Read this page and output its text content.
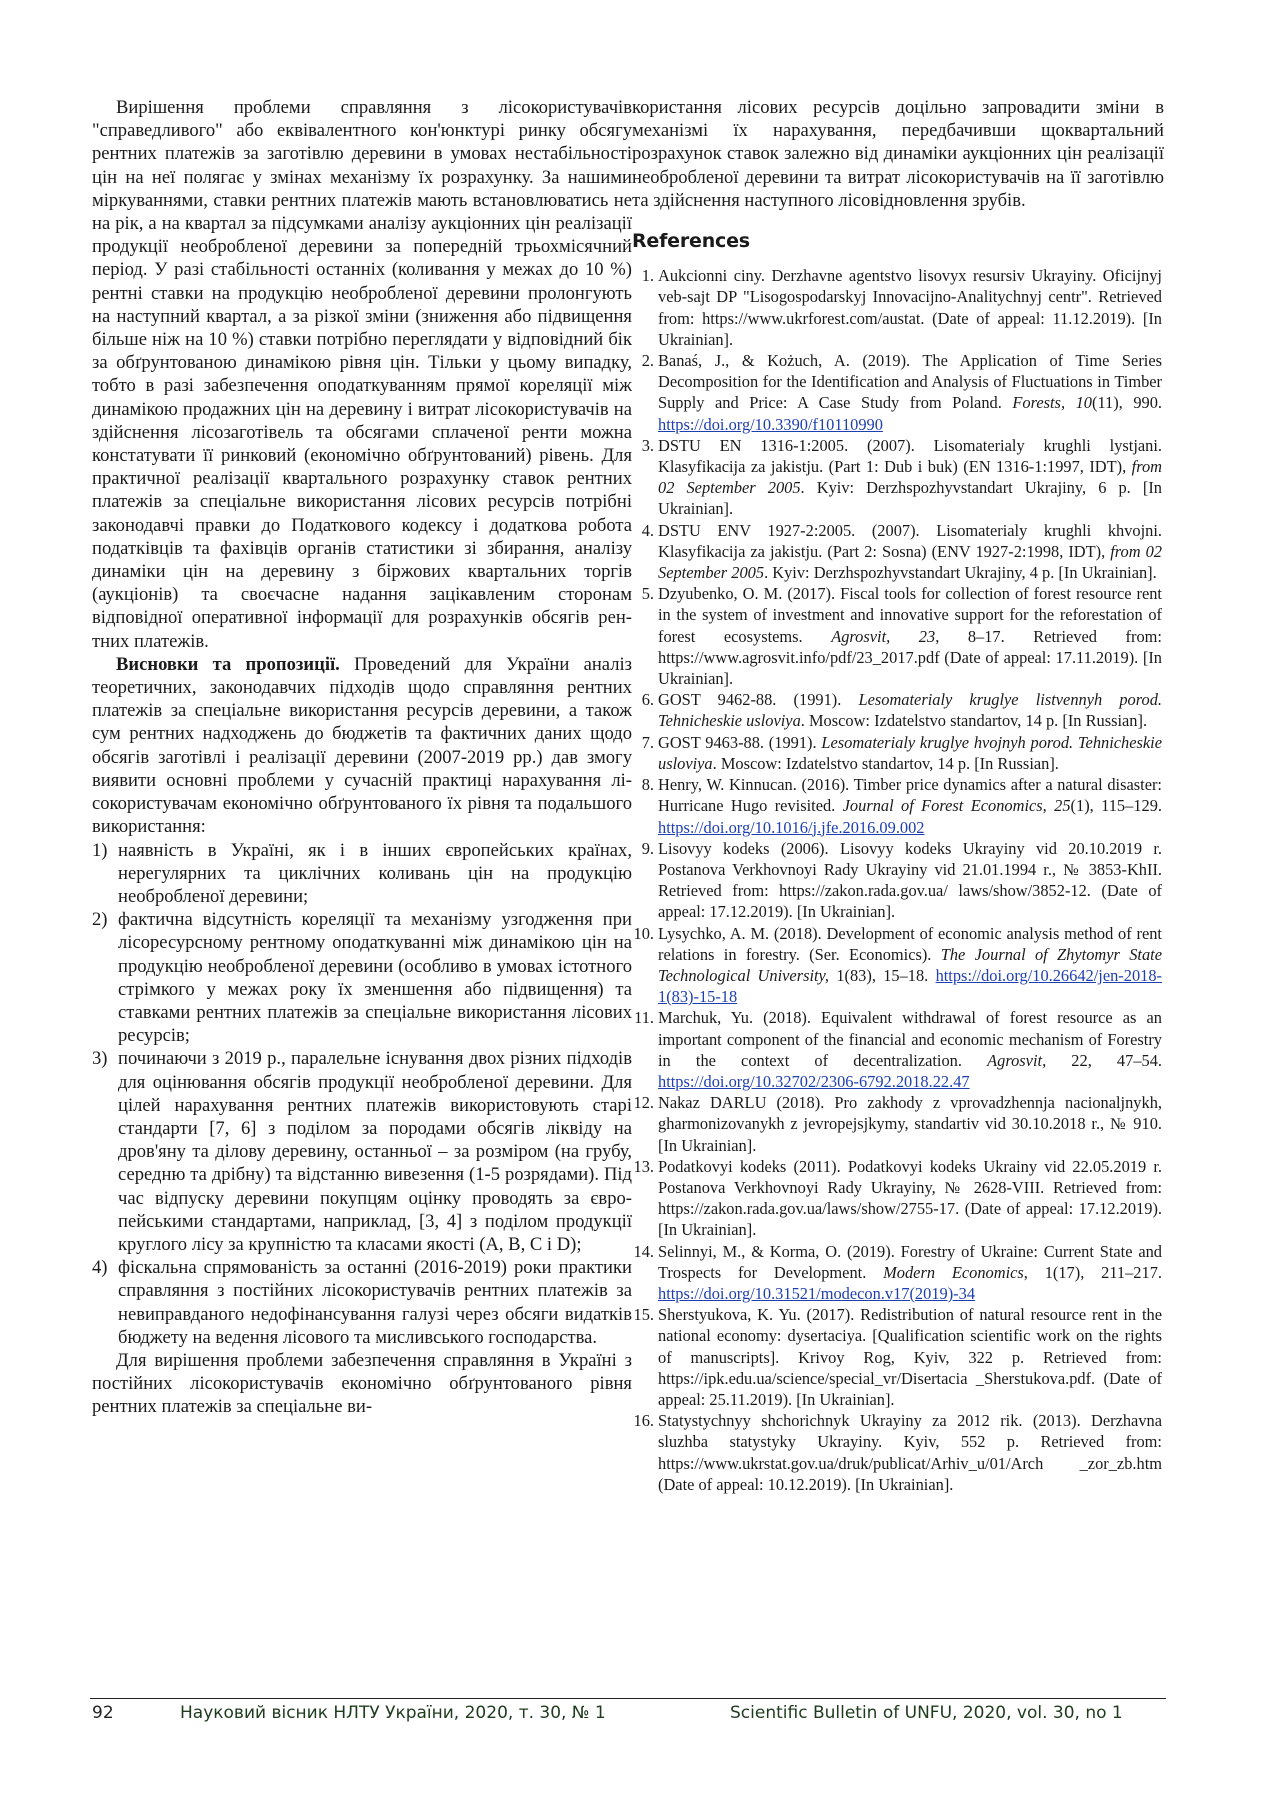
Вирішення проблеми справляння з лісокористувачів "справедливого" або еквівалентного кон'юнктурі ринку обсягу рентних платежів за заготівлю деревини в умовах нестабільності цін на неї полягає у змінах механізму їх розрахунку. За нашими міркуваннями, ставки рентних платежів мають встановлюватись не на рік, а на квартал за підсумками аналізу аукціонних цін реалізації продукції необробленої деревини за попередній трьохмісячний період. У разі стабільності останніх (коливання у межах до 10 %) рентні ставки на продукцію необробленої деревини пролонгують на наступний квартал, а за різкої зміни (зниження або підвищення більше ніж на 10 %) ставки потрібно переглядати у відповідний бік за обґрунтованою динамікою рівня цін. Тільки у цьому випадку, тобто в разі забезпечення оподаткуванням прямої кореляції між динамікою продажних цін на деревину і витрат лісокористувачів на здійснення лісозаготівель та обсягами сплаченої ренти можна констатувати її ринковий (економічно обґрунтований) рівень. Для практичної реалізації квартального розрахунку ставок рентних платежів за спеціальне використання лісових ресурсів потрібні законодавчі правки до Податкового кодексу і додаткова робота податківців та фахівців органів статистики зі збирання, аналізу динаміки цін на деревину з біржових квартальних торгів (аукціонів) та своєчасне надання зацікавленим сторонам відповідної оперативної інформації для розрахунків обсягів рентних платежів.

Висновки та пропозиції. Проведений для України аналіз теоретичних, законодавчих підходів щодо справляння рентних платежів за спеціальне використання ресурсів деревини, а також сум рентних надходжень до бюджетів та фактичних даних щодо обсягів заготівлі і реалізації деревини (2007-2019 рр.) дав змогу виявити основні проблеми у сучасній практиці нарахування лісокористувачам економічно обґрунтованого їх рівня та подальшого використання:

1) наявність в Україні, як і в інших європейських країнах, нерегулярних та циклічних коливань цін на продукцію необробленої деревини;
2) фактична відсутність кореляції та механізму узгодження при лісоресурсному рентному оподаткуванні між динамікою цін на продукцію необробленої деревини (особливо в умовах істотного стрімкого у межах року їх зменшення або підвищення) та ставками рентних платежів за спеціальне використання лісових ресурсів;
3) починаючи з 2019 р., паралельне існування двох різних підходів для оцінювання обсягів продукції необробленої деревини. Для цілей нарахування рентних платежів використовують старі стандарти [7, 6] з поділом за породами обсягів ліквіду на дров'яну та ділову деревину, останньої – за розміром (на грубу, середню та дрібну) та відстанню вивезення (1-5 розрядами). Під час відпуску деревини покупцям оцінку проводять за європейськими стандартами, наприклад, [3, 4] з поділом продукції круглого лісу за крупністю та класами якості (A, B, C і D);
4) фіскальна спрямованість за останні (2016-2019) роки практики справляння з постійних лісокористувачів рентних платежів за невиправданого недофінансування галузі через обсяги видатків бюджету на ведення лісового та мисливського господарства.

Для вирішення проблеми забезпечення справляння в Україні з постійних лісокористувачів економічно обґрунтованого рівня рентних платежів за спеціальне ви-

користання лісових ресурсів доцільно запровадити зміни в механізмі їх нарахування, передбачивши щоквартальний розрахунок ставок залежно від динаміки аукціонних цін реалізації необробленої деревини та витрат лісокористувачів на її заготівлю та здійснення наступного лісовідновлення зрубів.

References
1. Aukcionni ciny. Derzhavne agentstvo lisovyx resursiv Ukrayiny. Oficijnyj veb-sajt DP "Lisogospodarskyj Innovacijno-Analitychnyj centr". Retrieved from: https://www.ukrforest.com/austat. (Date of appeal: 11.12.2019). [In Ukrainian].
2. Banaś, J., & Kożuch, A. (2019). The Application of Time Series Decomposition for the Identification and Analysis of Fluctuations in Timber Supply and Price: A Case Study from Poland. Forests, 10(11), 990. https://doi.org/10.3390/f10110990
3. DSTU EN 1316-1:2005. (2007). Lisomaterialy krughli lystjani. Klasyfikacija za jakistju. (Part 1: Dub i buk) (EN 1316-1:1997, IDT), from 02 September 2005. Kyiv: Derzhspozhyvstandart Ukrajiny, 6 p. [In Ukrainian].
4. DSTU ENV 1927-2:2005. (2007). Lisomaterialy krughli khvojni. Klasyfikacija za jakistju. (Part 2: Sosna) (ENV 1927-2:1998, IDT), from 02 September 2005. Kyiv: Derzhspozhyvstandart Ukrajiny, 4 p. [In Ukrainian].
5. Dzyubenko, O. M. (2017). Fiscal tools for collection of forest resource rent in the system of investment and innovative support for the reforestation of forest ecosystems. Agrosvit, 23, 8–17. Retrieved from: https://www.agrosvit.info/pdf/23_2017.pdf (Date of appeal: 17.11.2019). [In Ukrainian].
6. GOST 9462-88. (1991). Lesomaterialy kruglye listvennyh porod. Tehnicheskie usloviya. Moscow: Izdatelstvo standartov, 14 p. [In Russian].
7. GOST 9463-88. (1991). Lesomaterialy kruglye hvojnyh porod. Tehnicheskie usloviya. Moscow: Izdatelstvo standartov, 14 p. [In Russian].
8. Henry, W. Kinnucan. (2016). Timber price dynamics after a natural disaster: Hurricane Hugo revisited. Journal of Forest Economics, 25(1), 115–129. https://doi.org/10.1016/j.jfe.2016.09.002
9. Lisovyy kodeks (2006). Lisovyy kodeks Ukrayiny vid 20.10.2019 r. Postanova Verkhovnoyi Rady Ukrayiny vid 21.01.1994 r., № 3853-KhII. Retrieved from: https://zakon.rada.gov.ua/ laws/show/3852-12. (Date of appeal: 17.12.2019). [In Ukrainian].
10. Lysychko, A. M. (2018). Development of economic analysis method of rent relations in forestry. (Ser. Economics). The Journal of Zhytomyr State Technological University, 1(83), 15–18. https://doi.org/10.26642/jen-2018-1(83)-15-18
11. Marchuk, Yu. (2018). Equivalent withdrawal of forest resource as an important component of the financial and economic mechanism of Forestry in the context of decentralization. Agrosvit, 22, 47–54. https://doi.org/10.32702/2306-6792.2018.22.47
12. Nakaz DARLU (2018). Pro zakhody z vprovadzhennja nacionaljnykh, gharmonizovanykh z jevropejsjkymy, standartiv vid 30.10.2018 r., № 910. [In Ukrainian].
13. Podatkovyi kodeks (2011). Podatkovyi kodeks Ukrainy vid 22.05.2019 r. Postanova Verkhovnoyi Rady Ukrayiny, № 2628-VIII. Retrieved from: https://zakon.rada.gov.ua/laws/show/2755-17. (Date of appeal: 17.12.2019). [In Ukrainian].
14. Selinnyi, M., & Korma, O. (2019). Forestry of Ukraine: Current State and Trospects for Development. Modern Economics, 1(17), 211–217. https://doi.org/10.31521/modecon.v17(2019)-34
15. Sherstyukova, K. Yu. (2017). Redistribution of natural resource rent in the national economy: dysertaciya. [Qualification scientific work on the rights of manuscripts]. Krivoy Rog, Kyiv, 322 p. Retrieved from: https://ipk.edu.ua/science/special_vr/Disertacia _Sherstukova.pdf. (Date of appeal: 25.11.2019). [In Ukrainian].
16. Statystychnyy shchorichnyk Ukrayiny za 2012 rik. (2013). Derzhavna sluzhba statystyky Ukrayiny. Kyiv, 552 p. Retrieved from: https://www.ukrstat.gov.ua/druk/publicat/Arhiv_u/01/Arch _zor_zb.htm (Date of appeal: 10.12.2019). [In Ukrainian].
92	Науковий вісник НЛТУ України, 2020, т. 30, № 1	Scientific Bulletin of UNFU, 2020, vol. 30, no 1
